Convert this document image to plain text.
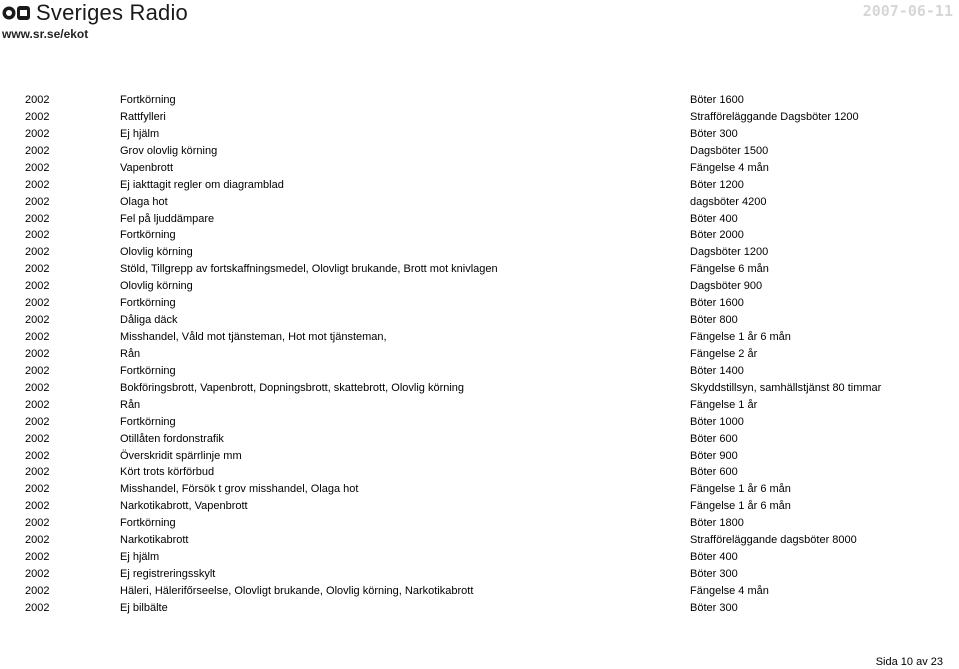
Sveriges Radio
www.sr.se/ekot
2007-06-11
2002	Fortkörning	Böter 1600
2002	Rattfylleri	Strafföreläggande Dagsböter 1200
2002	Ej hjälm	Böter 300
2002	Grov olovlig körning	Dagsböter 1500
2002	Vapenbrott	Fängelse 4 mån
2002	Ej iakttagit regler om diagramblad	Böter 1200
2002	Olaga hot	dagsböter 4200
2002	Fel på ljuddämpare	Böter 400
2002	Fortkörning	Böter 2000
2002	Olovlig körning	Dagsböter 1200
2002	Stöld, Tillgrepp av fortskaffningsmedel, Olovligt brukande, Brott mot knivlagen	Fängelse 6 mån
2002	Olovlig körning	Dagsböter 900
2002	Fortkörning	Böter 1600
2002	Dåliga däck	Böter 800
2002	Misshandel, Våld mot tjänsteman, Hot mot tjänsteman,	Fängelse 1 år 6 mån
2002	Rån	Fängelse 2 år
2002	Fortkörning	Böter 1400
2002	Bokföringsbrott, Vapenbrott, Dopningsbrott, skattebrott, Olovlig körning	Skyddstillsyn, samhällstjänst 80 timmar
2002	Rån	Fängelse 1 år
2002	Fortkörning	Böter 1000
2002	Otillåten fordonstrafik	Böter 600
2002	Överskridit spärrlinje mm	Böter 900
2002	Kört trots körförbud	Böter 600
2002	Misshandel, Försök t grov misshandel, Olaga hot	Fängelse 1 år 6 mån
2002	Narkotikabrott, Vapenbrott	Fängelse 1 år 6 mån
2002	Fortkörning	Böter 1800
2002	Narkotikabrott	Strafföreläggande dagsböter 8000
2002	Ej hjälm	Böter 400
2002	Ej registreringsskylt	Böter 300
2002	Häleri, Hälerifőrseelse, Olovligt brukande, Olovlig körning, Narkotikabrott	Fängelse 4 mån
2002	Ej bilbälte	Böter 300
Sida 10 av 23
